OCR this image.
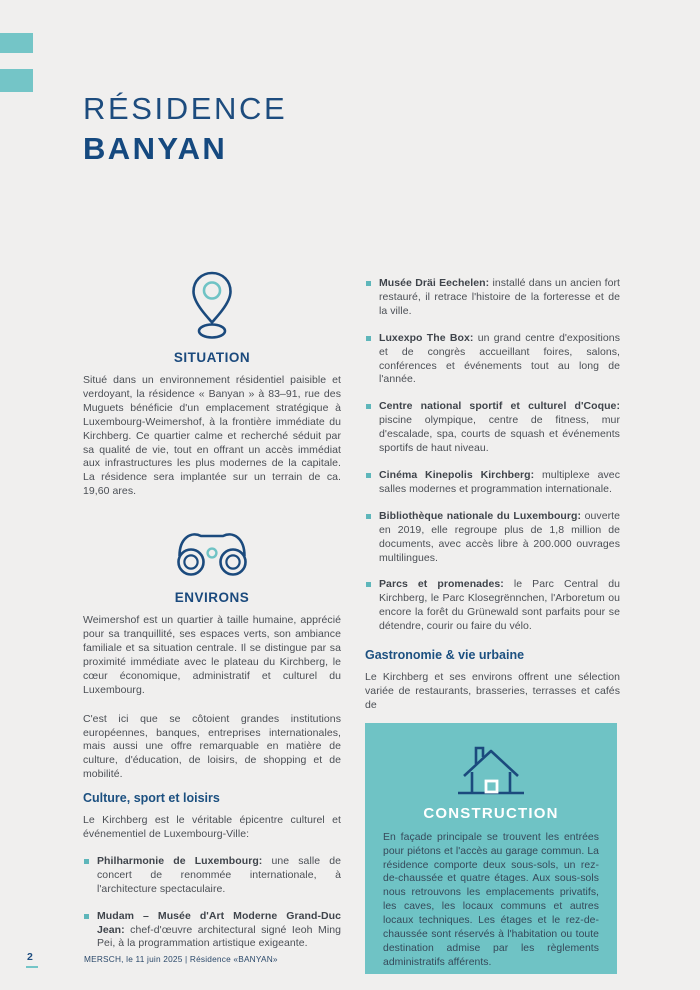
RÉSIDENCE
BANYAN
SITUATION

Situé dans un environnement résidentiel paisible et verdoyant, la résidence « Banyan » à 83–91, rue des Muguets bénéficie d'un emplacement stratégique à Luxembourg-Weimershof, à la frontière immédiate du Kirchberg. Ce quartier calme et recherché séduit par sa qualité de vie, tout en offrant un accès immédiat aux infrastructures les plus modernes de la capitale. La résidence sera implantée sur un terrain de ca. 19,60 ares.

ENVIRONS

Weimershof est un quartier à taille humaine, apprécié pour sa tranquillité, ses espaces verts, son ambiance familiale et sa situation centrale. Il se distingue par sa proximité immédiate avec le plateau du Kirchberg, le cœur économique, administratif et culturel du Luxembourg.

C'est ici que se côtoient grandes institutions européennes, banques, entreprises internationales, mais aussi une offre remarquable en matière de culture, d'éducation, de loisirs, de shopping et de mobilité.

Culture, sport et loisirs

Le Kirchberg est le véritable épicentre culturel et événementiel de Luxembourg-Ville:

Philharmonie de Luxembourg: une salle de concert de renommée internationale, à l'architecture spectaculaire.
Mudam – Musée d'Art Moderne Grand-Duc Jean: chef-d'œuvre architectural signé Ieoh Ming Pei, à la programmation artistique exigeante.
Musée Dräi Eechelen: installé dans un ancien fort restauré, il retrace l'histoire de la forteresse et de la ville.
Luxexpo The Box: un grand centre d'expositions et de congrès accueillant foires, salons, conférences et événements tout au long de l'année.
Centre national sportif et culturel d'Coque: piscine olympique, centre de fitness, mur d'escalade, spa, courts de squash et événements sportifs de haut niveau.
Cinéma Kinepolis Kirchberg: multiplexe avec salles modernes et programmation internationale.
Bibliothèque nationale du Luxembourg: ouverte en 2019, elle regroupe plus de 1,8 million de documents, avec accès libre à 200.000 ouvrages multilingues.
Parcs et promenades: le Parc Central du Kirchberg, le Parc Klosegrënnchen, l'Arboretum ou encore la forêt du Grünewald sont parfaits pour se détendre, courir ou faire du vélo.
Gastronomie & vie urbaine

Le Kirchberg et ses environs offrent une sélection variée de restaurants, brasseries, terrasses et cafés de

CONSTRUCTION

En façade principale se trouvent les entrées pour piétons et l'accès au garage commun. La résidence comporte deux sous-sols, un rez-de-chaussée et quatre étages. Aux sous-sols nous retrouvons les emplacements privatifs, les caves, les locaux communs et autres locaux techniques. Les étages et le rez-de-chaussée sont réservés à l'habitation ou toute destination admise par les règlements administratifs afférents.

2	MERSCH, le 11 juin 2025 | Résidence «BANYAN»
